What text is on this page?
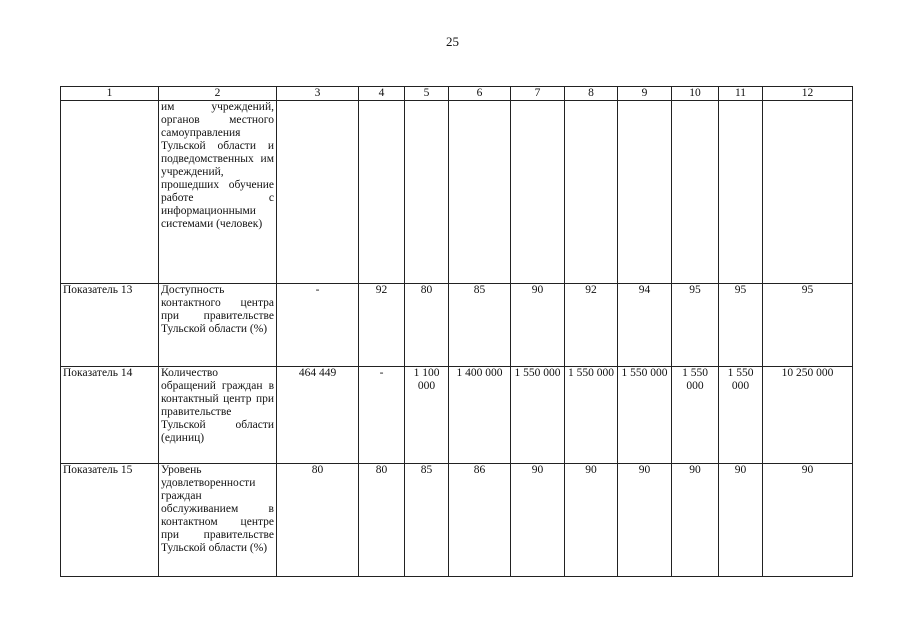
25
1	2	3	4	5	6	7	8	9	10	11	12
	им учреждений, органов местного самоуправления Тульской области и подведомственных им учреждений, прошедших обучение работе с информационными системами (человек)										
Показатель 13	Доступность контактного центра при правительстве Тульской области (%)	-	92	80	85	90	92	94	95	95	95
Показатель 14	Количество обращений граждан в контактный центр при правительстве Тульской области (единиц)	464 449	-	1 100 000	1 400 000	1 550 000	1 550 000	1 550 000	1 550 000	1 550 000	10 250 000
Показатель 15	Уровень удовлетворенности граждан обслуживанием в контактном центре при правительстве Тульской области (%)	80	80	85	86	90	90	90	90	90	90
